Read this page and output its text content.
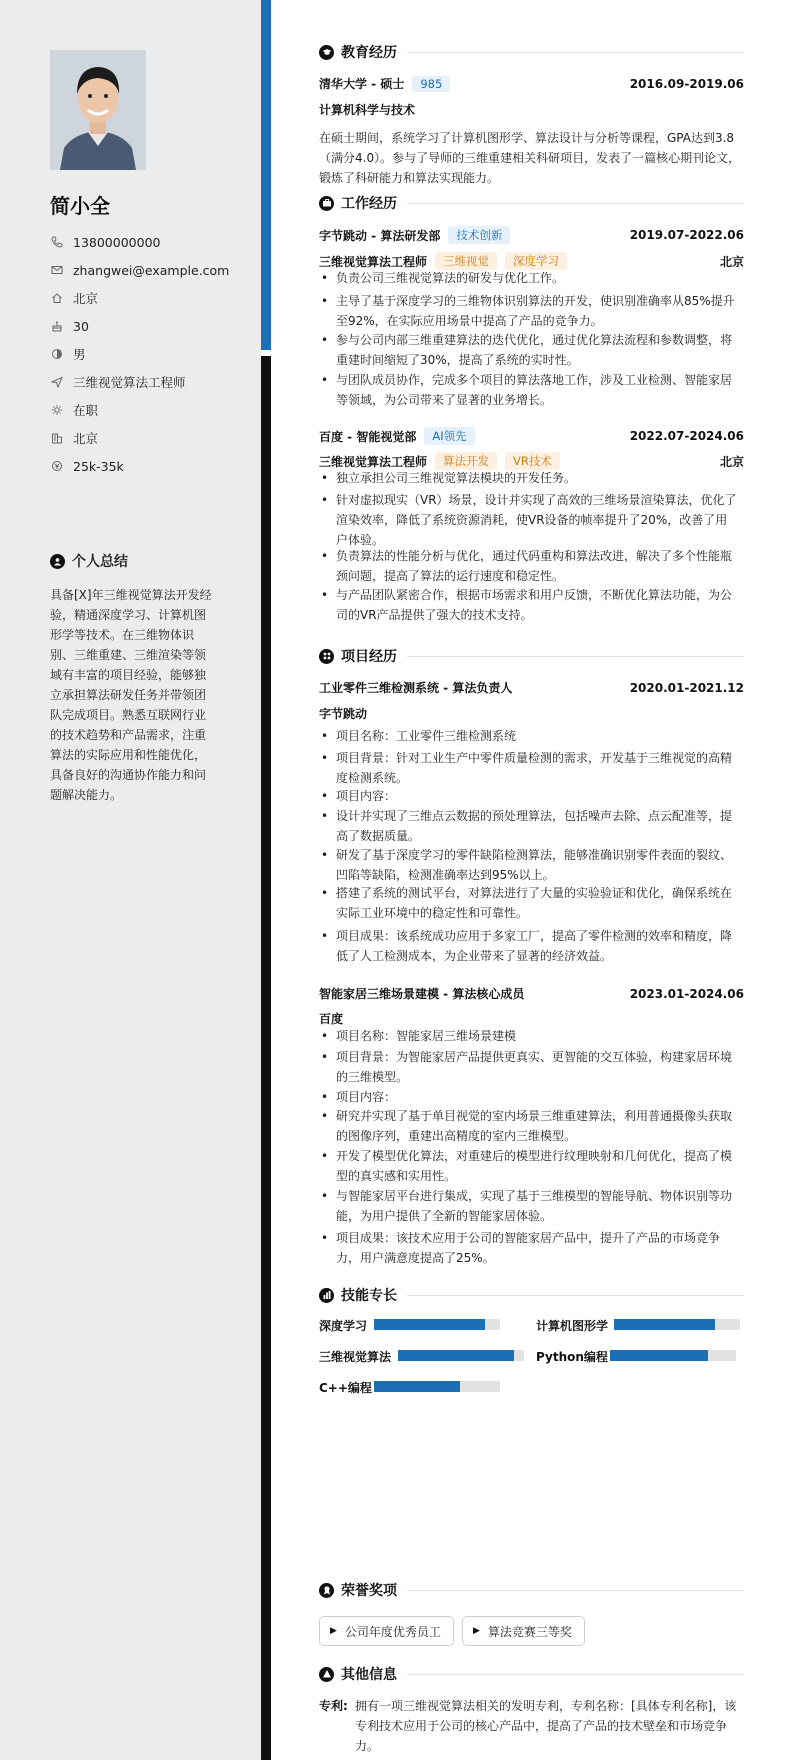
简小全
13800000000
zhangwei@example.com
北京
30
男
三维视觉算法工程师
在职
北京
25k-35k
个人总结
具备[X]年三维视觉算法开发经验，精通深度学习、计算机图形学等技术。在三维物体识别、三维重建、三维渲染等领域有丰富的项目经验，能够独立承担算法研发任务并带领团队完成项目。熟悉互联网行业的技术趋势和产品需求，注重算法的实际应用和性能优化，具备良好的沟通协作能力和问题解决能力。
教育经历
清华大学 - 硕士	985	2016.09-2019.06
计算机科学与技术
在硕士期间，系统学习了计算机图形学、算法设计与分析等课程，GPA达到3.8（满分4.0）。参与了导师的三维重建相关科研项目，发表了一篇核心期刊论文，锻炼了科研能力和算法实现能力。
工作经历
字节跳动 - 算法研发部	技术创新	2019.07-2022.06
三维视觉算法工程师	三维视觉	深度学习	北京
• 负责公司三维视觉算法的研发与优化工作。
• 主导了基于深度学习的三维物体识别算法的开发，使识别准确率从85%提升至92%，在实际应用场景中提高了产品的竞争力。
• 参与公司内部三维重建算法的迭代优化，通过优化算法流程和参数调整，将重建时间缩短了30%，提高了系统的实时性。
• 与团队成员协作，完成多个项目的算法落地工作，涉及工业检测、智能家居等领域，为公司带来了显著的业务增长。
百度 - 智能视觉部	AI领先	2022.07-2024.06
三维视觉算法工程师	算法开发	VR技术	北京
• 独立承担公司三维视觉算法模块的开发任务。
• 针对虚拟现实（VR）场景，设计并实现了高效的三维场景渲染算法，优化了渲染效率，降低了系统资源消耗，使VR设备的帧率提升了20%，改善了用户体验。
• 负责算法的性能分析与优化，通过代码重构和算法改进，解决了多个性能瓶颈问题，提高了算法的运行速度和稳定性。
• 与产品团队紧密合作，根据市场需求和用户反馈，不断优化算法功能，为公司的VR产品提供了强大的技术支持。
项目经历
工业零件三维检测系统 - 算法负责人	2020.01-2021.12
字节跳动
• 项目名称：工业零件三维检测系统
• 项目背景：针对工业生产中零件质量检测的需求，开发基于三维视觉的高精度检测系统。
• 项目内容：
• 设计并实现了三维点云数据的预处理算法，包括噪声去除、点云配准等，提高了数据质量。
• 研发了基于深度学习的零件缺陷检测算法，能够准确识别零件表面的裂纹、凹陷等缺陷，检测准确率达到95%以上。
• 搭建了系统的测试平台，对算法进行了大量的实验验证和优化，确保系统在实际工业环境中的稳定性和可靠性。
• 项目成果：该系统成功应用于多家工厂，提高了零件检测的效率和精度，降低了人工检测成本，为企业带来了显著的经济效益。
智能家居三维场景建模 - 算法核心成员	2023.01-2024.06
百度
• 项目名称：智能家居三维场景建模
• 项目背景：为智能家居产品提供更真实、更智能的交互体验，构建家居环境的三维模型。
• 项目内容：
• 研究并实现了基于单目视觉的室内场景三维重建算法，利用普通摄像头获取的图像序列，重建出高精度的室内三维模型。
• 开发了模型优化算法，对重建后的模型进行纹理映射和几何优化，提高了模型的真实感和实用性。
• 与智能家居平台进行集成，实现了基于三维模型的智能导航、物体识别等功能，为用户提供了全新的智能家居体验。
• 项目成果：该技术应用于公司的智能家居产品中，提升了产品的市场竞争力，用户满意度提高了25%。
技能专长
深度学习	计算机图形学
三维视觉算法	Python编程
C++编程
荣誉奖项
▶ 公司年度优秀员工	▶ 算法竞赛三等奖
其他信息
专利: 拥有一项三维视觉算法相关的发明专利，专利名称：[具体专利名称]，该专利技术应用于公司的核心产品中，提高了产品的技术壁垒和市场竞争力。
